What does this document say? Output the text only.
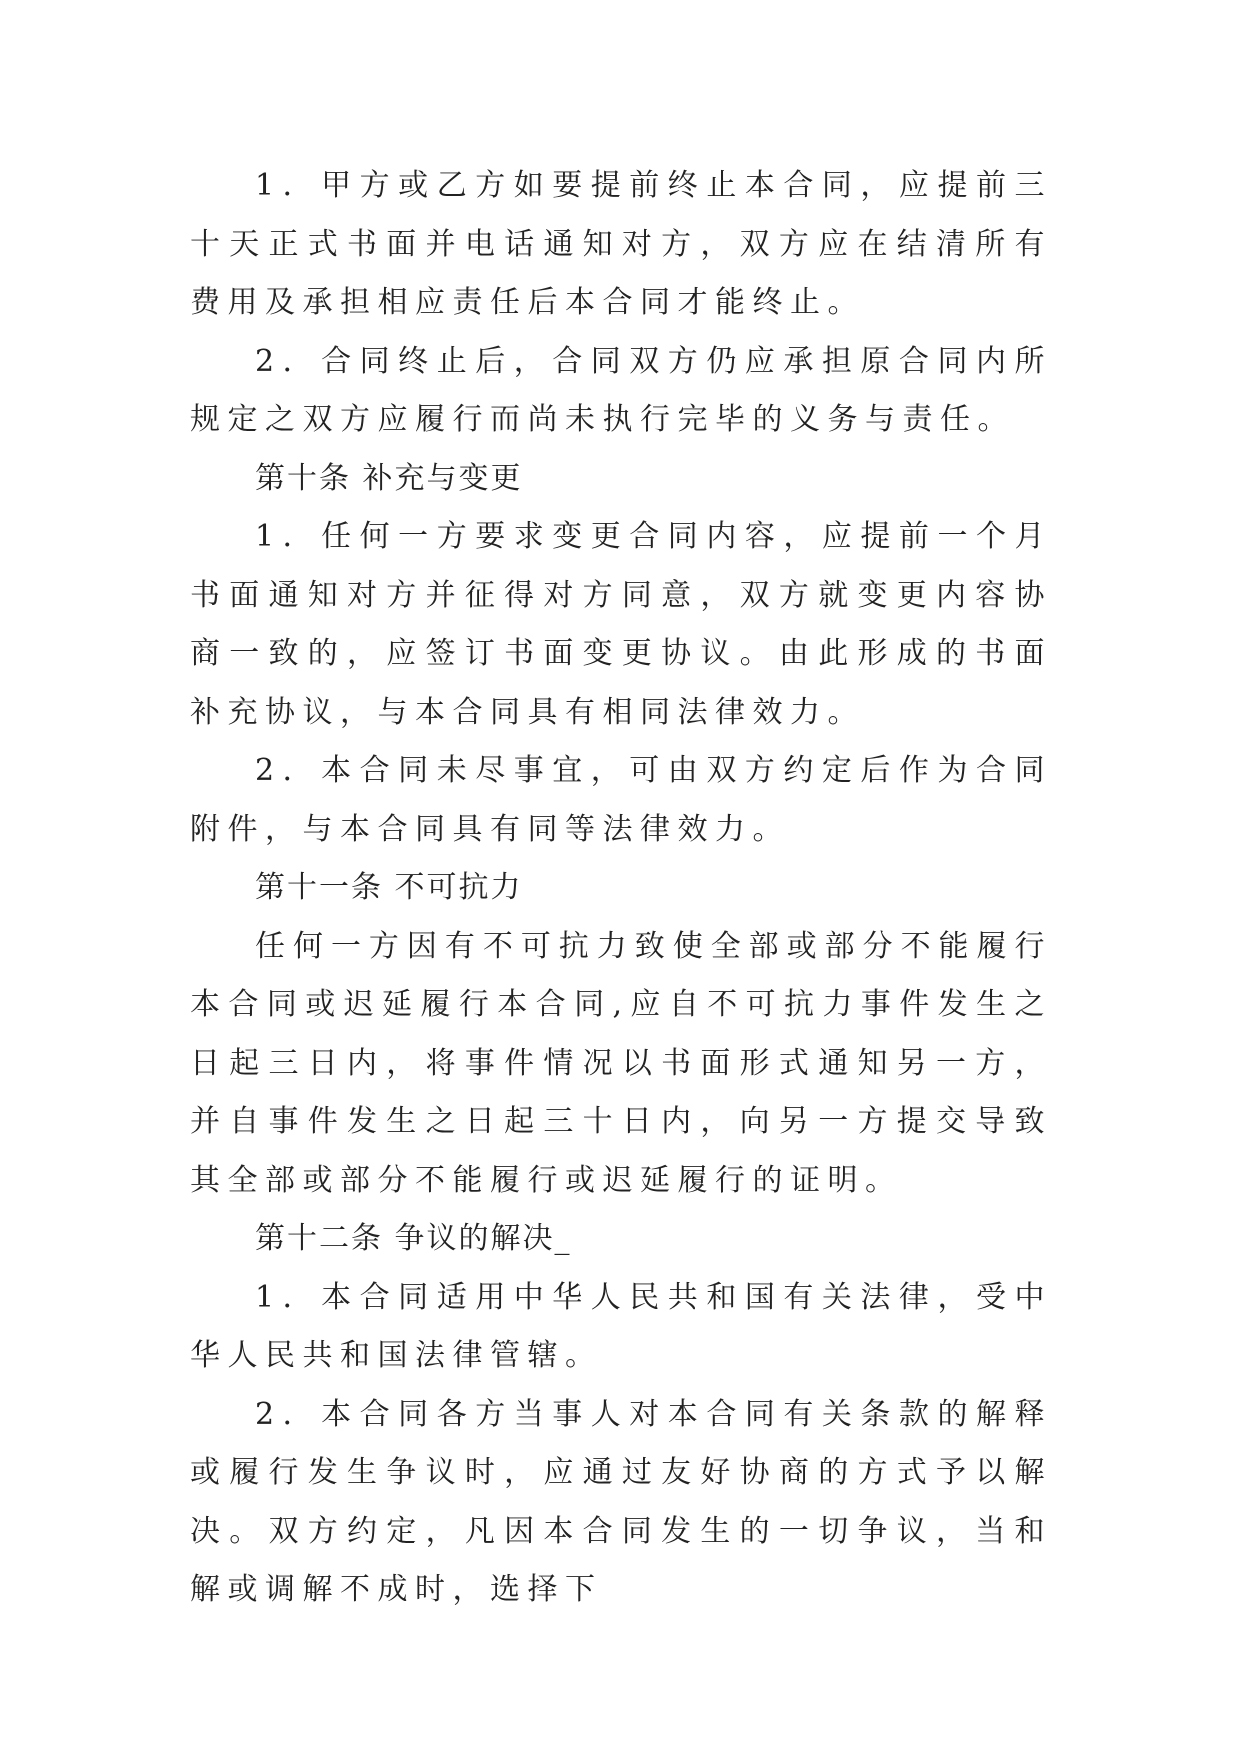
1．甲方或乙方如要提前终止本合同，应提前三十天正式书面并电话通知对方，双方应在结清所有费用及承担相应责任后本合同才能终止。

2．合同终止后，合同双方仍应承担原合同内所规定之双方应履行而尚未执行完毕的义务与责任。

第十条 补充与变更

1．任何一方要求变更合同内容，应提前一个月书面通知对方并征得对方同意，双方就变更内容协商一致的，应签订书面变更协议。由此形成的书面补充协议，与本合同具有相同法律效力。

2．本合同未尽事宜，可由双方约定后作为合同附件，与本合同具有同等法律效力。

第十一条 不可抗力

任何一方因有不可抗力致使全部或部分不能履行本合同或迟延履行本合同,应自不可抗力事件发生之日起三日内，将事件情况以书面形式通知另一方，并自事件发生之日起三十日内，向另一方提交导致其全部或部分不能履行或迟延履行的证明。

第十二条 争议的解决_

1．本合同适用中华人民共和国有关法律，受中华人民共和国法律管辖。

2．本合同各方当事人对本合同有关条款的解释或履行发生争议时，应通过友好协商的方式予以解决。双方约定，凡因本合同发生的一切争议，当和解或调解不成时，选择下
